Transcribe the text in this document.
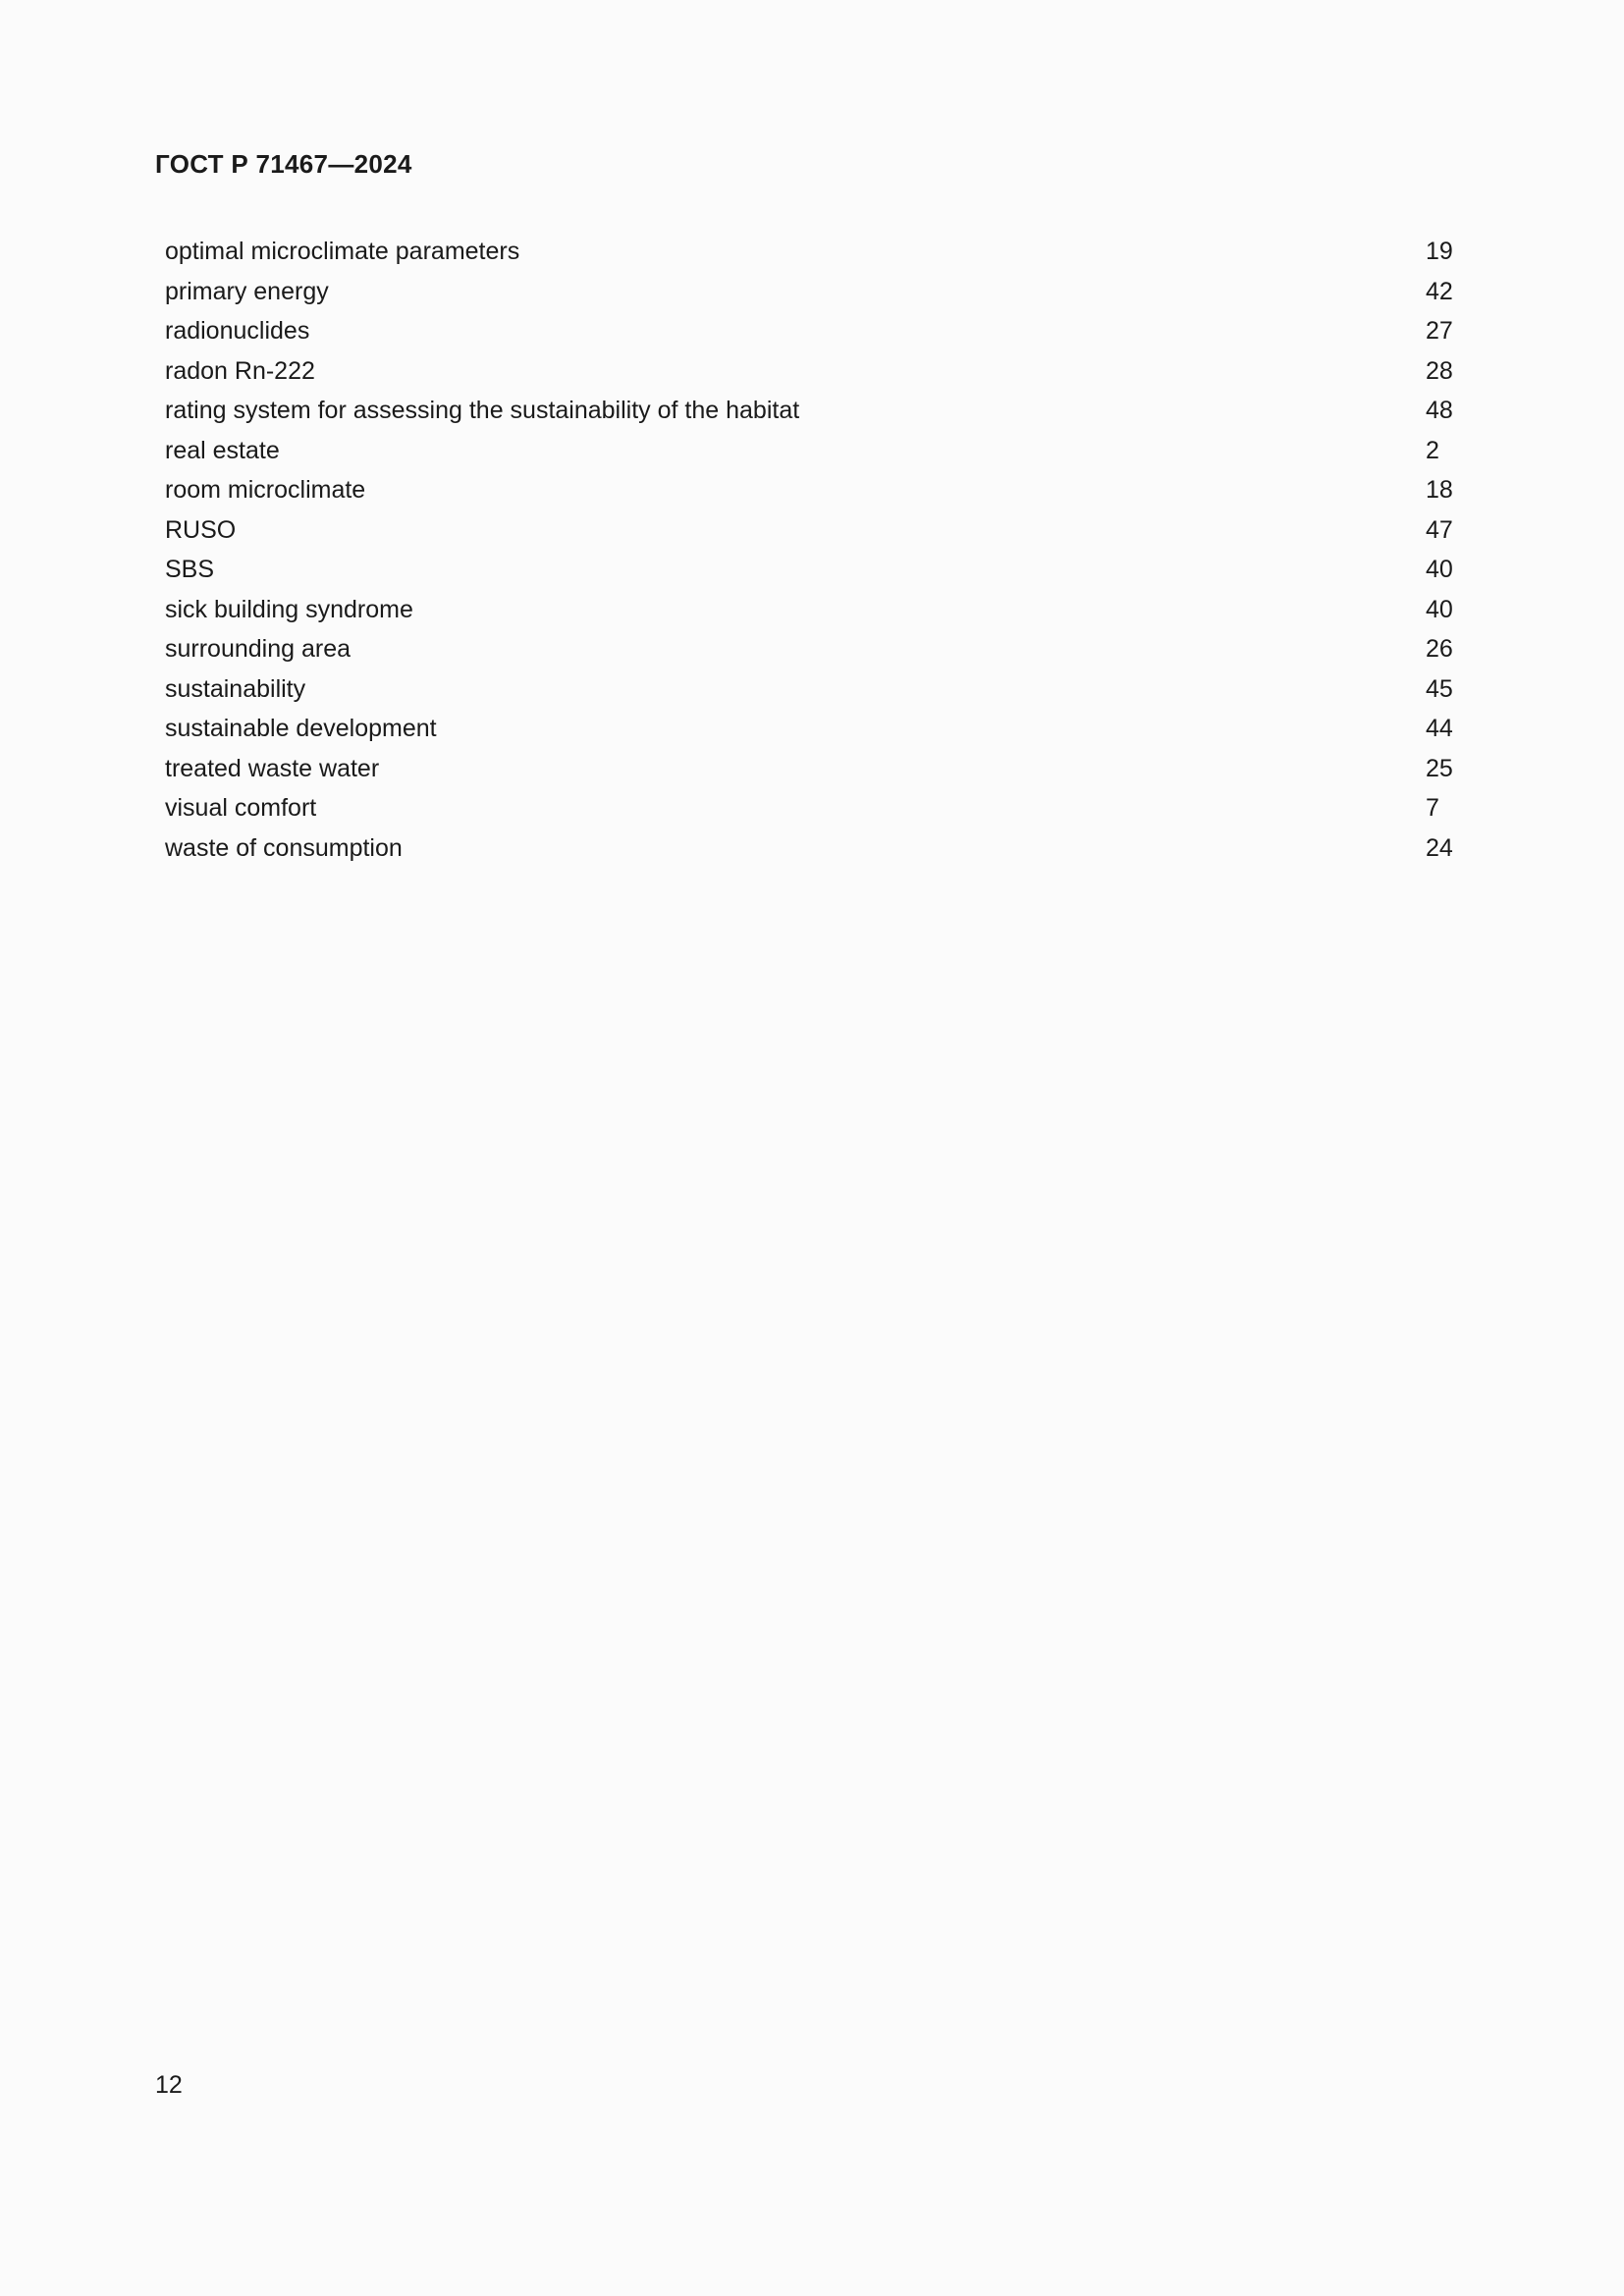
ГОСТ Р 71467—2024
optimal microclimate parameters	19
primary energy	42
radionuclides	27
radon Rn-222	28
rating system for assessing the sustainability of the habitat	48
real estate	2
room microclimate	18
RUSO	47
SBS	40
sick building syndrome	40
surrounding area	26
sustainability	45
sustainable development	44
treated waste water	25
visual comfort	7
waste of consumption	24
12
